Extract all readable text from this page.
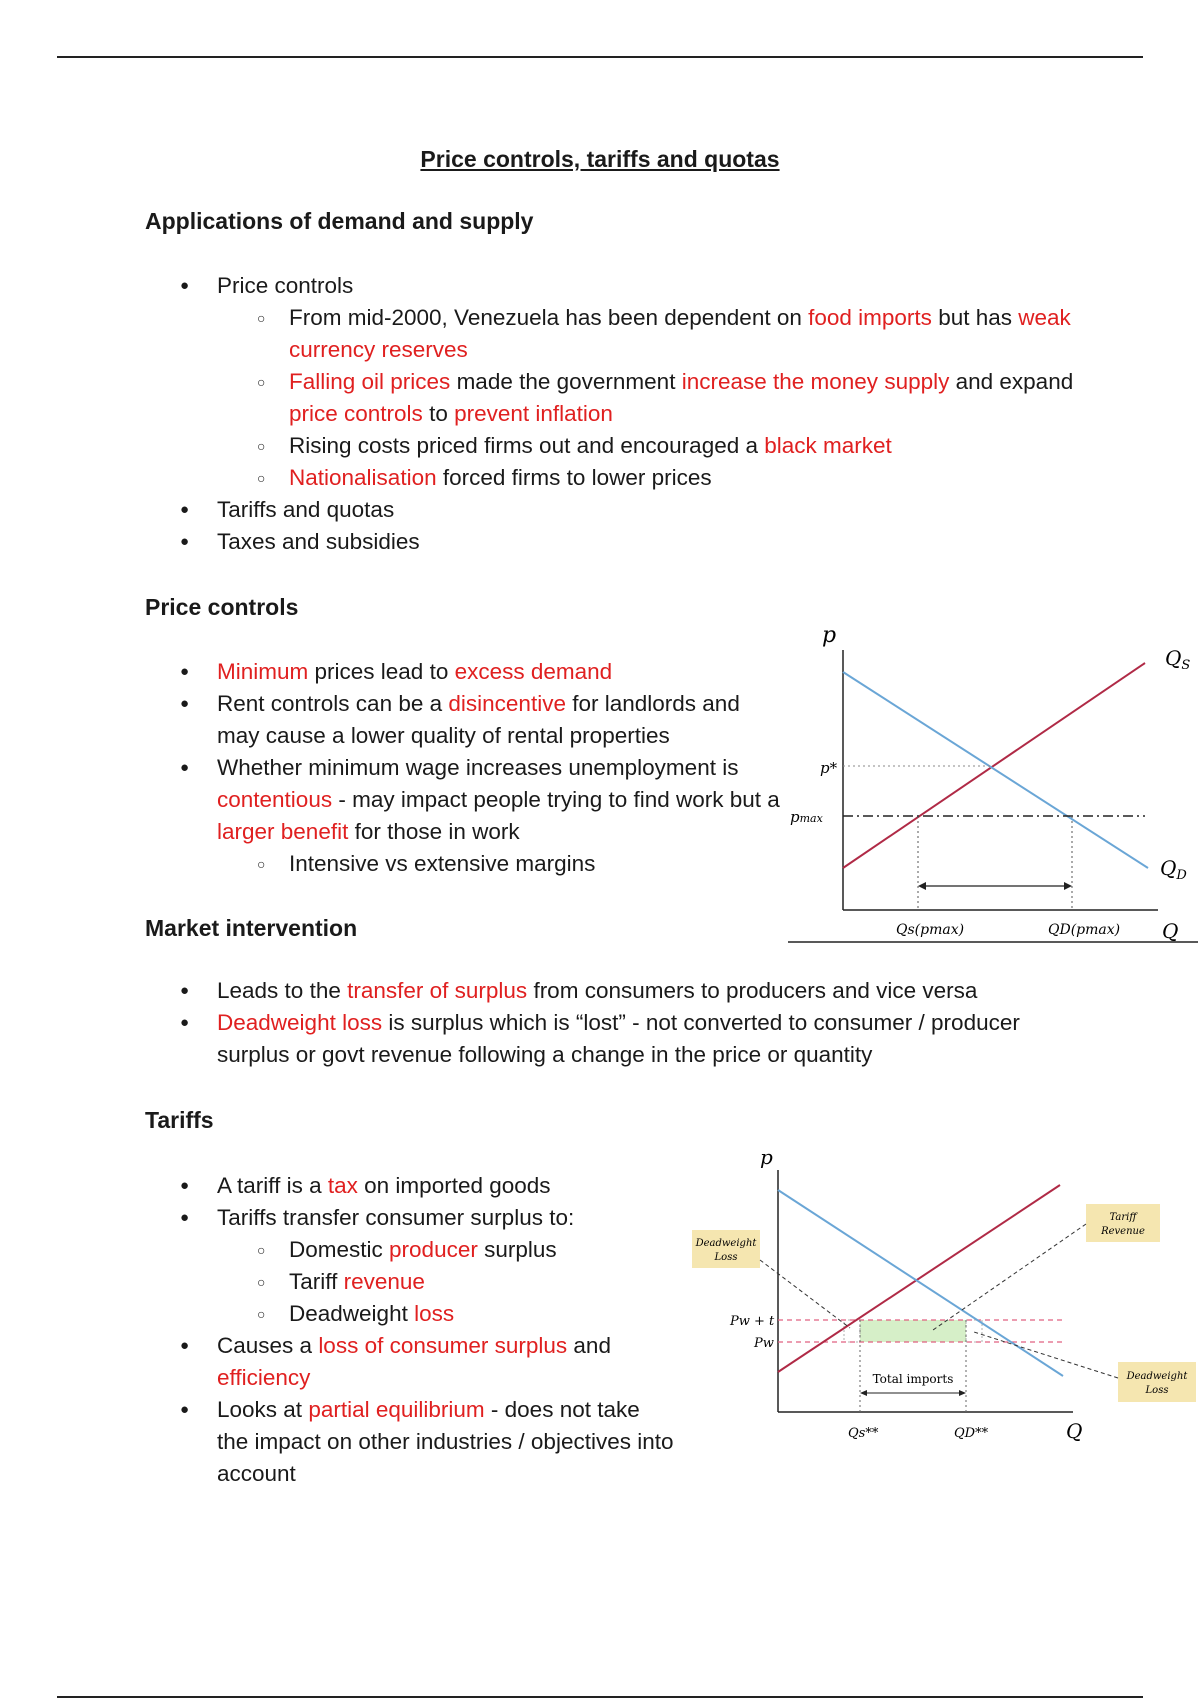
Price controls, tariffs and quotas
Applications of demand and supply
● Price controls
○ From mid-2000, Venezuela has been dependent on food imports but has weak currency reserves
○ Falling oil prices made the government increase the money supply and expand price controls to prevent inflation
○ Rising costs priced firms out and encouraged a black market
○ Nationalisation forced firms to lower prices
● Tariffs and quotas
● Taxes and subsidies
Price controls
● Minimum prices lead to excess demand
● Rent controls can be a disincentive for landlords and may cause a lower quality of rental properties
● Whether minimum wage increases unemployment is contentious - may impact people trying to find work but a larger benefit for those in work
○ Intensive vs extensive margins
p
p*
pmax
$Q_S$
$Q_D$
Qs(pmax)	QD(pmax) Q
Market intervention
● Leads to the transfer of surplus from consumers to producers and vice versa
● Deadweight loss is surplus which is “lost” - not converted to consumer / producer surplus or govt revenue following a change in the price or quantity
Tariffs
● A tariff is a tax on imported goods
● Tariffs transfer consumer surplus to:
○ Domestic producer surplus
○ Tariff revenue
○ Deadweight loss
● Causes a loss of consumer surplus and efficiency
● Looks at partial equilibrium - does not take the impact on other industries / objectives into account
p
Total imports
Pw + t
Pw
Qs**	QD**	Q
Deadweight
Loss
Tariff
Revenue
Deadweight
Loss
